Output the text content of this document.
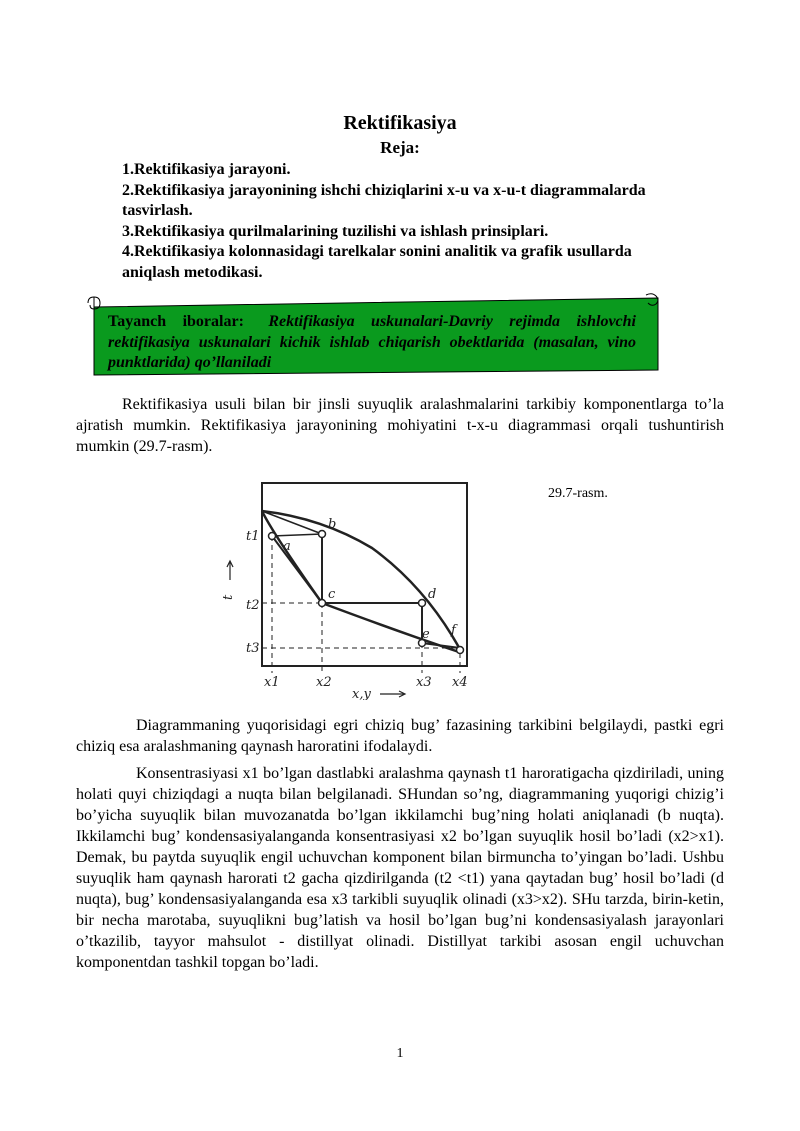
Rektifikasiya
Reja:
1.Rektifikasiya jarayoni.
2.Rektifikasiya jarayonining ishchi chiziqlarini x-u va x-u-t diagrammalarda tasvirlash.
3.Rektifikasiya qurilmalarining tuzilishi va ishlash prinsiplari.
4.Rektifikasiya kolonnasidagi tarelkalar sonini analitik va grafik usullarda aniqlash metodikasi.
Tayanch iboralar: Rektifikasiya uskunalari-Davriy rejimda ishlovchi rektifikasiya uskunalari kichik ishlab chiqarish obektlarida (masalan, vino punktlarida) qo’llaniladi

Rektifikasiya usuli bilan bir jinsli suyuqlik aralashmalarini tarkibiy komponentlarga to’la ajratish mumkin. Rektifikasiya jarayonining mohiyatini t-x-u diagrammasi orqali tushuntirish mumkin (29.7-rasm).

29.7-rasm.
t1
t2
t3
x1	x2	x3 x4
a
b
c	d
e f
x,y
t

Diagrammaning yuqorisidagi egri chiziq bug’ fazasining tarkibini belgilaydi, pastki egri chiziq esa aralashmaning qaynash haroratini ifodalaydi.

Konsentrasiyasi x1 bo’lgan dastlabki aralashma qaynash t1 haroratigacha qizdiriladi, uning holati quyi chiziqdagi a nuqta bilan belgilanadi. SHundan so’ng, diagrammaning yuqorigi chizig’i bo’yicha suyuqlik bilan muvozanatda bo’lgan ikkilamchi bug’ning holati aniqlanadi (b nuqta). Ikkilamchi bug’ kondensasiyalanganda konsentrasiyasi x2 bo’lgan suyuqlik hosil bo’ladi (x2>x1). Demak, bu paytda suyuqlik engil uchuvchan komponent bilan birmuncha to’yingan bo’ladi. Ushbu suyuqlik ham qaynash harorati t2 gacha qizdirilganda (t2 <t1) yana qaytadan bug’ hosil bo’ladi (d nuqta), bug’ kondensasiyalanganda esa x3 tarkibli suyuqlik olinadi (x3>x2). SHu tarzda, birin-ketin, bir necha marotaba, suyuqlikni bug’latish va hosil bo’lgan bug’ni kondensasiyalash jarayonlari o’tkazilib, tayyor mahsulot - distillyat olinadi. Distillyat tarkibi asosan engil uchuvchan komponentdan tashkil topgan bo’ladi.

1
